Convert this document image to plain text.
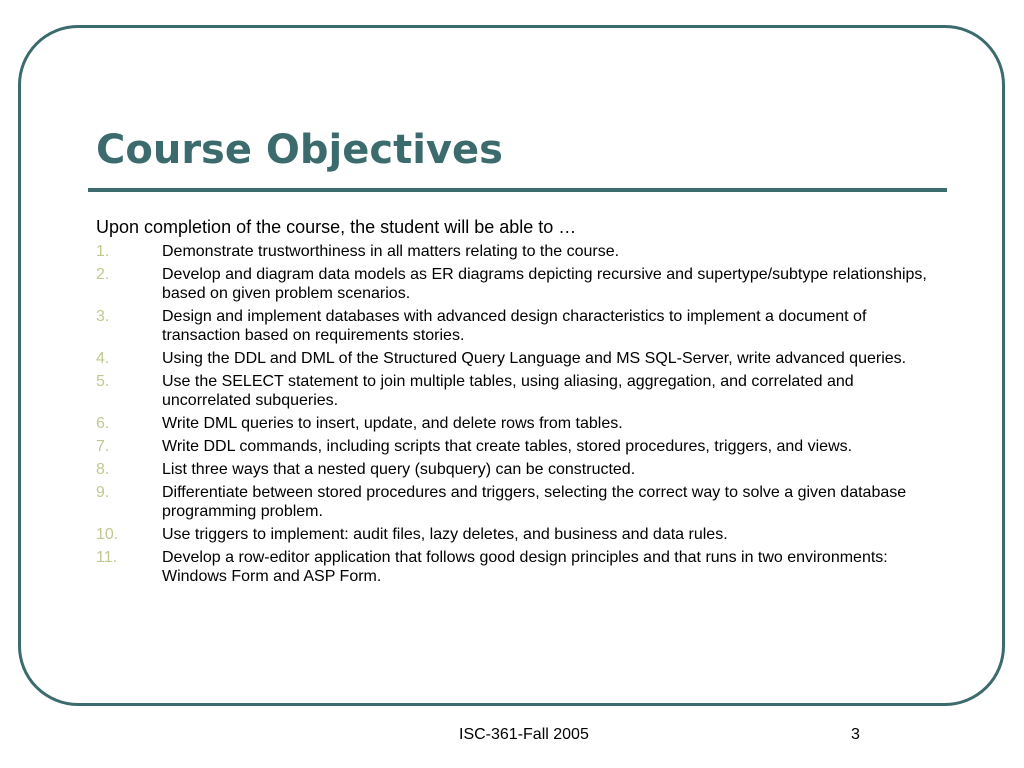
Course Objectives

Upon completion of the course, the student will be able to …

1.	Demonstrate trustworthiness in all matters relating to the course.
2.	Develop and diagram data models as ER diagrams depicting recursive and supertype/subtype relationships, based on given problem scenarios.
3.	Design and implement databases with advanced design characteristics to implement a document of transaction based on requirements stories.
4.	Using the DDL and DML of the Structured Query Language and MS SQL-Server, write advanced queries.
5.	Use the SELECT statement to join multiple tables, using aliasing, aggregation, and correlated and uncorrelated subqueries.
6.	Write DML queries to insert, update, and delete rows from tables.
7.	Write DDL commands, including scripts that create tables, stored procedures, triggers, and views.
8.	List three ways that a nested query (subquery) can be constructed.
9.	Differentiate between stored procedures and triggers, selecting the correct way to solve a given database programming problem.
10.	Use triggers to implement: audit files, lazy deletes, and business and data rules.
11.	Develop a row-editor application that follows good design principles and that runs in two environments: Windows Form and ASP Form.
ISC-361-Fall 2005	3
